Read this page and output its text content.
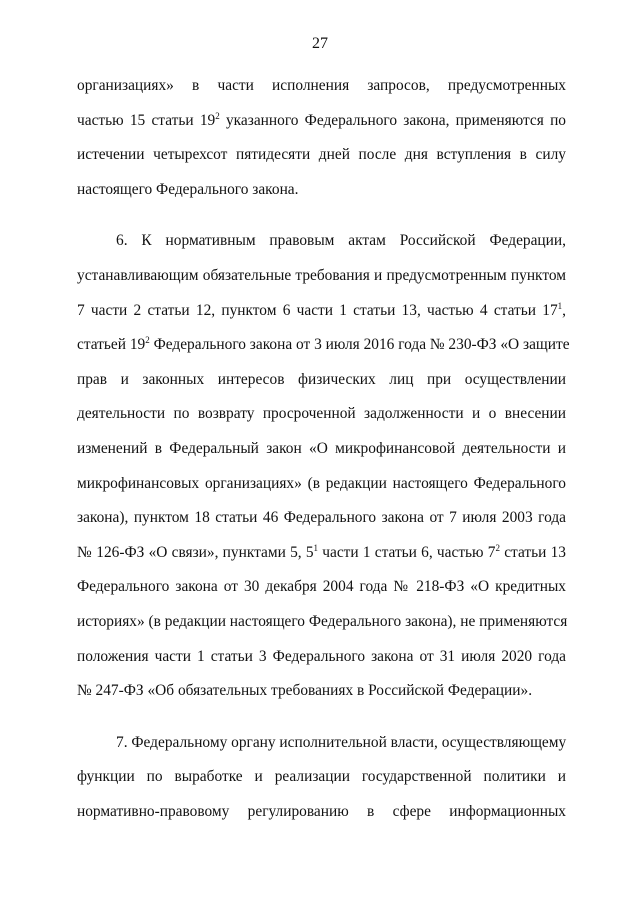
27
организациях» в части исполнения запросов, предусмотренных
частью 15 статьи $19^2$ указанного Федерального закона, применяются по
истечении четырехсот пятидесяти дней после дня вступления в силу
настоящего Федерального закона.
6. К нормативным правовым актам Российской Федерации,
устанавливающим обязательные требования и предусмотренным пунктом
7 части 2 статьи 12, пунктом 6 части 1 статьи 13, частью 4 статьи $17^1$,
статьей $19^2$ Федерального закона от 3 июля 2016 года № 230-ФЗ «О защите
прав и законных интересов физических лиц при осуществлении
деятельности по возврату просроченной задолженности и о внесении
изменений в Федеральный закон «О микрофинансовой деятельности и
микрофинансовых организациях» (в редакции настоящего Федерального
закона), пунктом 18 статьи 46 Федерального закона от 7 июля 2003 года
№ 126-ФЗ «О связи», пунктами 5, $5^1$ части 1 статьи 6, частью $7^2$ статьи 13
Федерального закона от 30 декабря 2004 года № 218-ФЗ «О кредитных
историях» (в редакции настоящего Федерального закона), не применяются
положения части 1 статьи 3 Федерального закона от 31 июля 2020 года
№ 247-ФЗ «Об обязательных требованиях в Российской Федерации».
7. Федеральному органу исполнительной власти, осуществляющему
функции по выработке и реализации государственной политики и
нормативно-правовому регулированию в сфере информационных
